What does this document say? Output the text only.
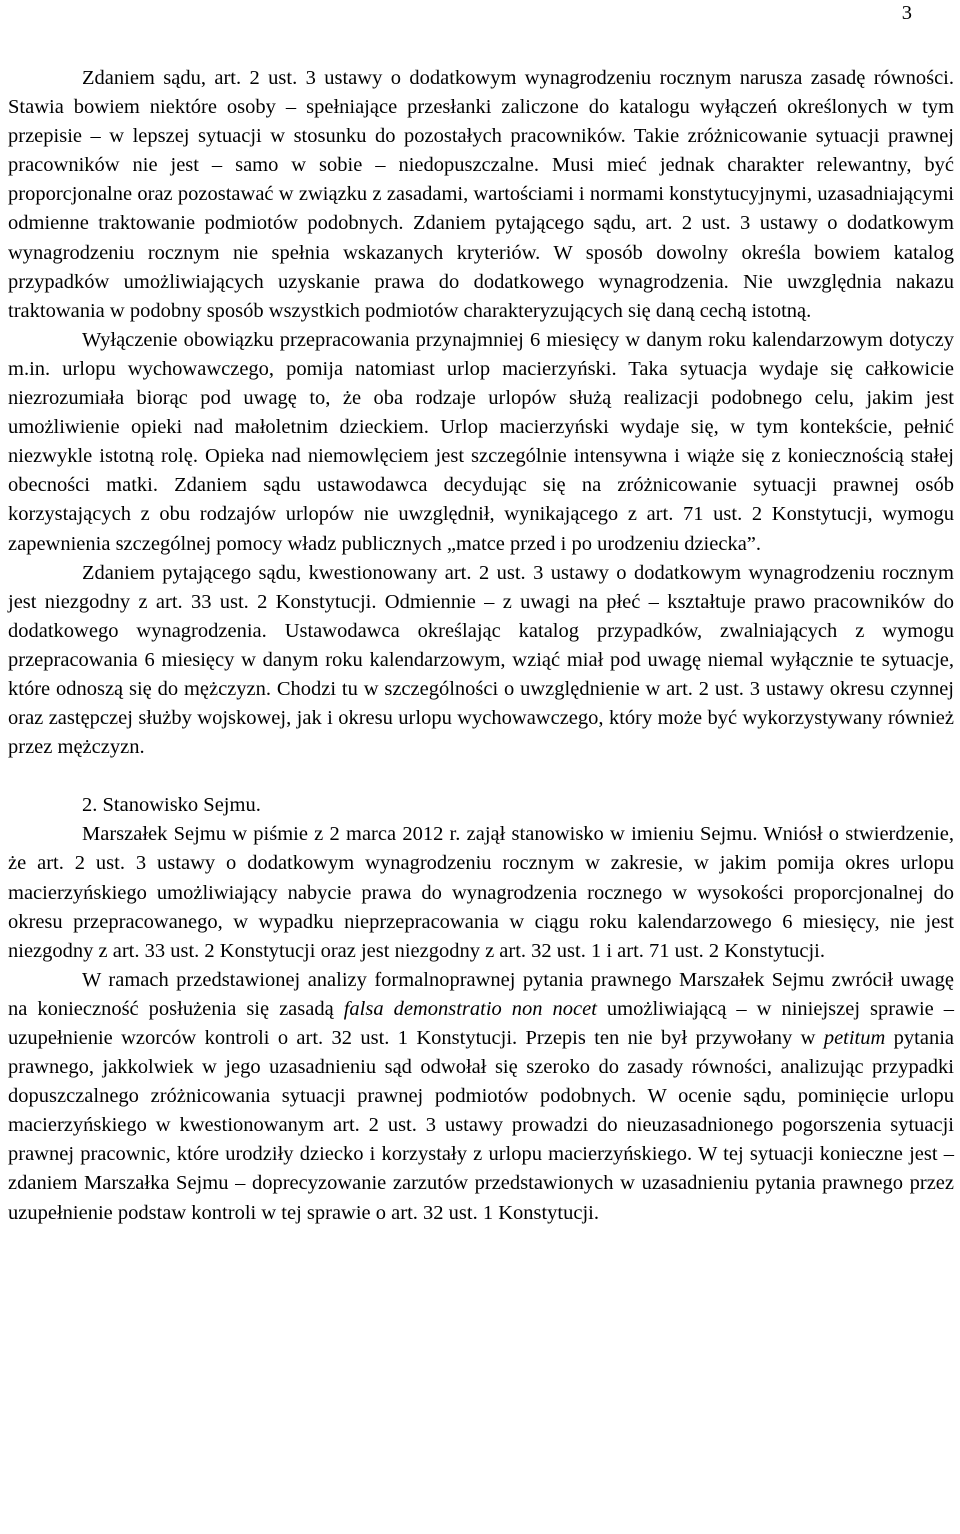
3

Zdaniem sądu, art. 2 ust. 3 ustawy o dodatkowym wynagrodzeniu rocznym narusza zasadę równości. Stawia bowiem niektóre osoby – spełniające przesłanki zaliczone do katalogu wyłączeń określonych w tym przepisie – w lepszej sytuacji w stosunku do pozostałych pracowników. Takie zróżnicowanie sytuacji prawnej pracowników nie jest – samo w sobie – niedopuszczalne. Musi mieć jednak charakter relewantny, być proporcjonalne oraz pozostawać w związku z zasadami, wartościami i normami konstytucyjnymi, uzasadniającymi odmienne traktowanie podmiotów podobnych. Zdaniem pytającego sądu, art. 2 ust. 3 ustawy o dodatkowym wynagrodzeniu rocznym nie spełnia wskazanych kryteriów. W sposób dowolny określa bowiem katalog przypadków umożliwiających uzyskanie prawa do dodatkowego wynagrodzenia. Nie uwzględnia nakazu traktowania w podobny sposób wszystkich podmiotów charakteryzujących się daną cechą istotną.

Wyłączenie obowiązku przepracowania przynajmniej 6 miesięcy w danym roku kalendarzowym dotyczy m.in. urlopu wychowawczego, pomija natomiast urlop macierzyński. Taka sytuacja wydaje się całkowicie niezrozumiała biorąc pod uwagę to, że oba rodzaje urlopów służą realizacji podobnego celu, jakim jest umożliwienie opieki nad małoletnim dzieckiem. Urlop macierzyński wydaje się, w tym kontekście, pełnić niezwykle istotną rolę. Opieka nad niemowlęciem jest szczególnie intensywna i wiąże się z koniecznością stałej obecności matki. Zdaniem sądu ustawodawca decydując się na zróżnicowanie sytuacji prawnej osób korzystających z obu rodzajów urlopów nie uwzględnił, wynikającego z art. 71 ust. 2 Konstytucji, wymogu zapewnienia szczególnej pomocy władz publicznych „matce przed i po urodzeniu dziecka”.

Zdaniem pytającego sądu, kwestionowany art. 2 ust. 3 ustawy o dodatkowym wynagrodzeniu rocznym jest niezgodny z art. 33 ust. 2 Konstytucji. Odmiennie – z uwagi na płeć – kształtuje prawo pracowników do dodatkowego wynagrodzenia. Ustawodawca określając katalog przypadków, zwalniających z wymogu przepracowania 6 miesięcy w danym roku kalendarzowym, wziąć miał pod uwagę niemal wyłącznie te sytuacje, które odnoszą się do mężczyzn. Chodzi tu w szczególności o uwzględnienie w art. 2 ust. 3 ustawy okresu czynnej oraz zastępczej służby wojskowej, jak i okresu urlopu wychowawczego, który może być wykorzystywany również przez mężczyzn.

2. Stanowisko Sejmu.

Marszałek Sejmu w piśmie z 2 marca 2012 r. zajął stanowisko w imieniu Sejmu. Wniósł o stwierdzenie, że art. 2 ust. 3 ustawy o dodatkowym wynagrodzeniu rocznym w zakresie, w jakim pomija okres urlopu macierzyńskiego umożliwiający nabycie prawa do wynagrodzenia rocznego w wysokości proporcjonalnej do okresu przepracowanego, w wypadku nieprzepracowania w ciągu roku kalendarzowego 6 miesięcy, nie jest niezgodny z art. 33 ust. 2 Konstytucji oraz jest niezgodny z art. 32 ust. 1 i art. 71 ust. 2 Konstytucji.

W ramach przedstawionej analizy formalnoprawnej pytania prawnego Marszałek Sejmu zwrócił uwagę na konieczność posłużenia się zasadą falsa demonstratio non nocet umożliwiającą – w niniejszej sprawie – uzupełnienie wzorców kontroli o art. 32 ust. 1 Konstytucji. Przepis ten nie był przywołany w petitum pytania prawnego, jakkolwiek w jego uzasadnieniu sąd odwołał się szeroko do zasady równości, analizując przypadki dopuszczalnego zróżnicowania sytuacji prawnej podmiotów podobnych. W ocenie sądu, pominięcie urlopu macierzyńskiego w kwestionowanym art. 2 ust. 3 ustawy prowadzi do nieuzasadnionego pogorszenia sytuacji prawnej pracownic, które urodziły dziecko i korzystały z urlopu macierzyńskiego. W tej sytuacji konieczne jest – zdaniem Marszałka Sejmu – doprecyzowanie zarzutów przedstawionych w uzasadnieniu pytania prawnego przez uzupełnienie podstaw kontroli w tej sprawie o art. 32 ust. 1 Konstytucji.
